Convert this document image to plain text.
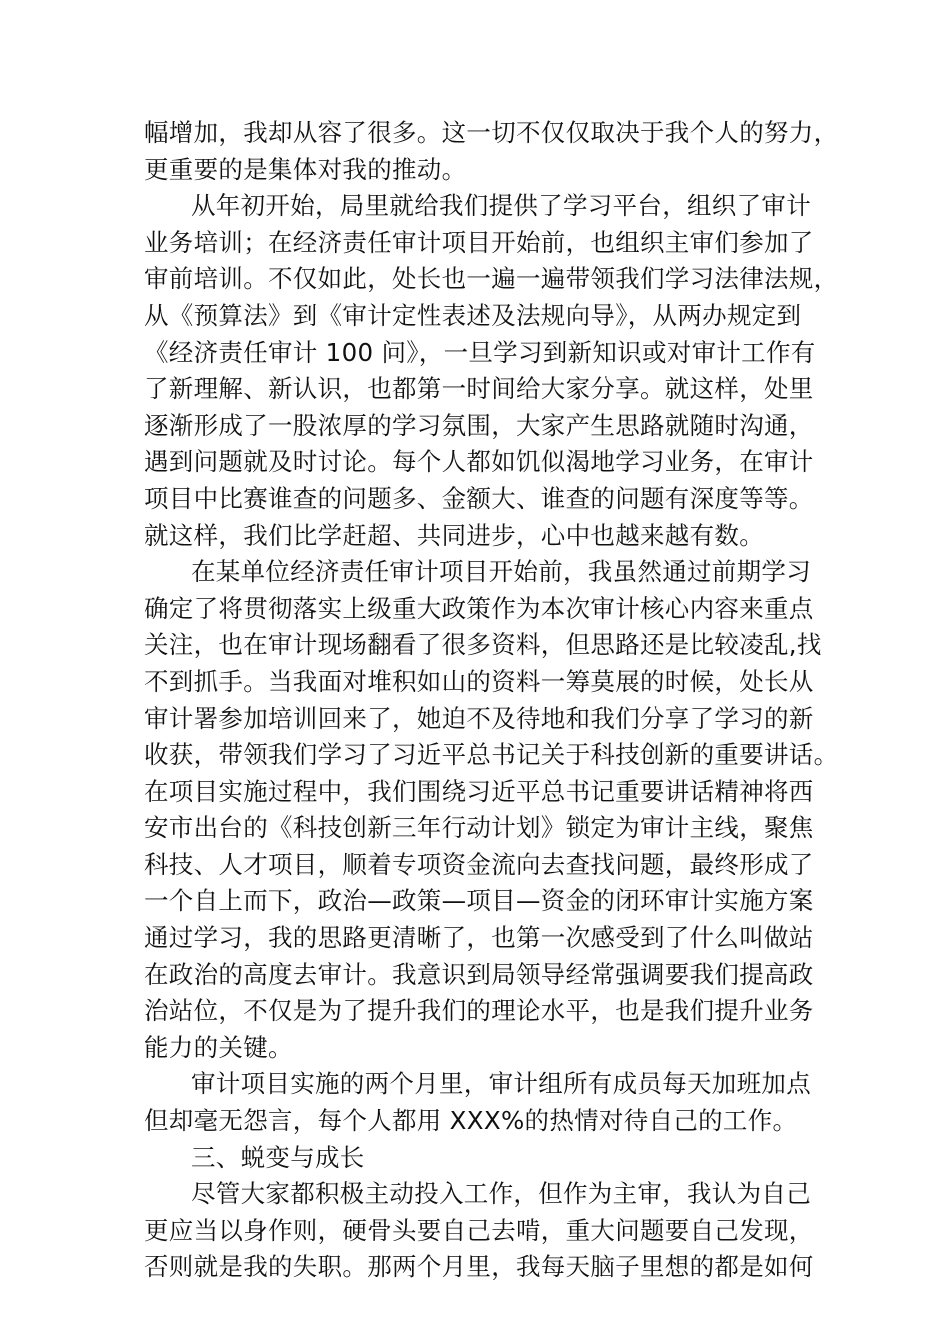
幅增加，我却从容了很多。这一切不仅仅取决于我个人的努力，
更重要的是集体对我的推动。
从年初开始，局里就给我们提供了学习平台，组织了审计
业务培训；在经济责任审计项目开始前，也组织主审们参加了
审前培训。不仅如此，处长也一遍一遍带领我们学习法律法规，
从《预算法》到《审计定性表述及法规向导》，从两办规定到
《经济责任审计 100 问》，一旦学习到新知识或对审计工作有
了新理解、新认识，也都第一时间给大家分享。就这样，处里
逐渐形成了一股浓厚的学习氛围，大家产生思路就随时沟通，
遇到问题就及时讨论。每个人都如饥似渴地学习业务，在审计
项目中比赛谁查的问题多、金额大、谁查的问题有深度等等。
就这样，我们比学赶超、共同进步，心中也越来越有数。
在某单位经济责任审计项目开始前，我虽然通过前期学习
确定了将贯彻落实上级重大政策作为本次审计核心内容来重点
关注，也在审计现场翻看了很多资料，但思路还是比较凌乱,找
不到抓手。当我面对堆积如山的资料一筹莫展的时候，处长从
审计署参加培训回来了，她迫不及待地和我们分享了学习的新
收获，带领我们学习了习近平总书记关于科技创新的重要讲话。
在项目实施过程中，我们围绕习近平总书记重要讲话精神将西
安市出台的《科技创新三年行动计划》锁定为审计主线，聚焦
科技、人才项目，顺着专项资金流向去查找问题，最终形成了
一个自上而下，政治—政策—项目—资金的闭环审计实施方案
通过学习，我的思路更清晰了，也第一次感受到了什么叫做站
在政治的高度去审计。我意识到局领导经常强调要我们提高政
治站位，不仅是为了提升我们的理论水平，也是我们提升业务
能力的关键。
审计项目实施的两个月里，审计组所有成员每天加班加点
但却毫无怨言，每个人都用 XXX%的热情对待自己的工作。
三、蜕变与成长
尽管大家都积极主动投入工作，但作为主审，我认为自己
更应当以身作则，硬骨头要自己去啃，重大问题要自己发现，
否则就是我的失职。那两个月里，我每天脑子里想的都是如何
